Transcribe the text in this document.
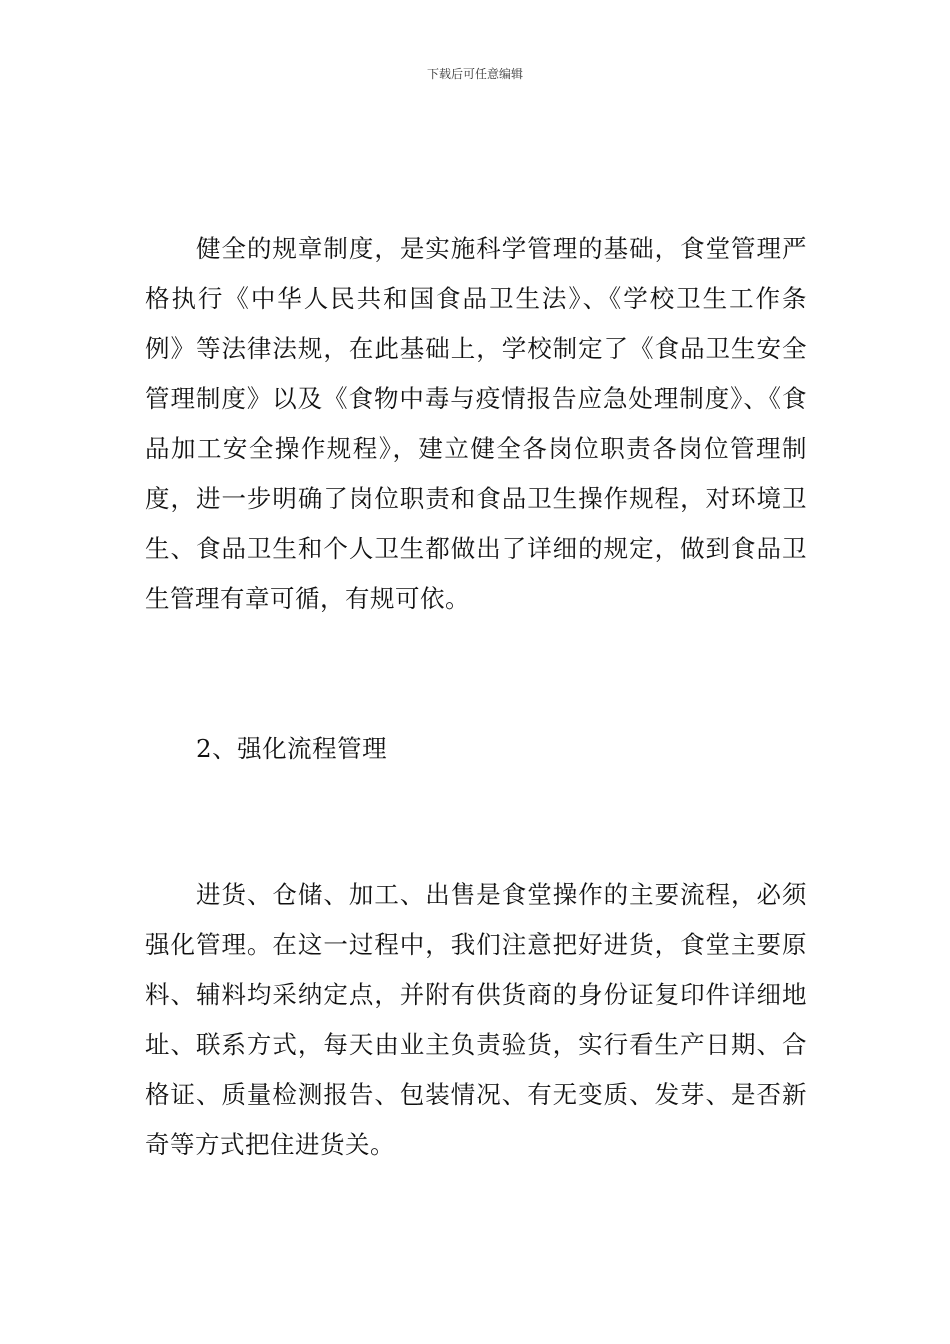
下载后可任意编辑

健全的规章制度，是实施科学管理的基础，食堂管理严格执行《中华人民共和国食品卫生法》、《学校卫生工作条例》等法律法规，在此基础上，学校制定了《食品卫生安全管理制度》以及《食物中毒与疫情报告应急处理制度》、《食品加工安全操作规程》，建立健全各岗位职责各岗位管理制度，进一步明确了岗位职责和食品卫生操作规程，对环境卫生、食品卫生和个人卫生都做出了详细的规定，做到食品卫生管理有章可循，有规可依。

2、强化流程管理

进货、仓储、加工、出售是食堂操作的主要流程，必须强化管理。在这一过程中，我们注意把好进货，食堂主要原料、辅料均采纳定点，并附有供货商的身份证复印件详细地址、联系方式，每天由业主负责验货，实行看生产日期、合格证、质量检测报告、包装情况、有无变质、发芽、是否新奇等方式把住进货关。
